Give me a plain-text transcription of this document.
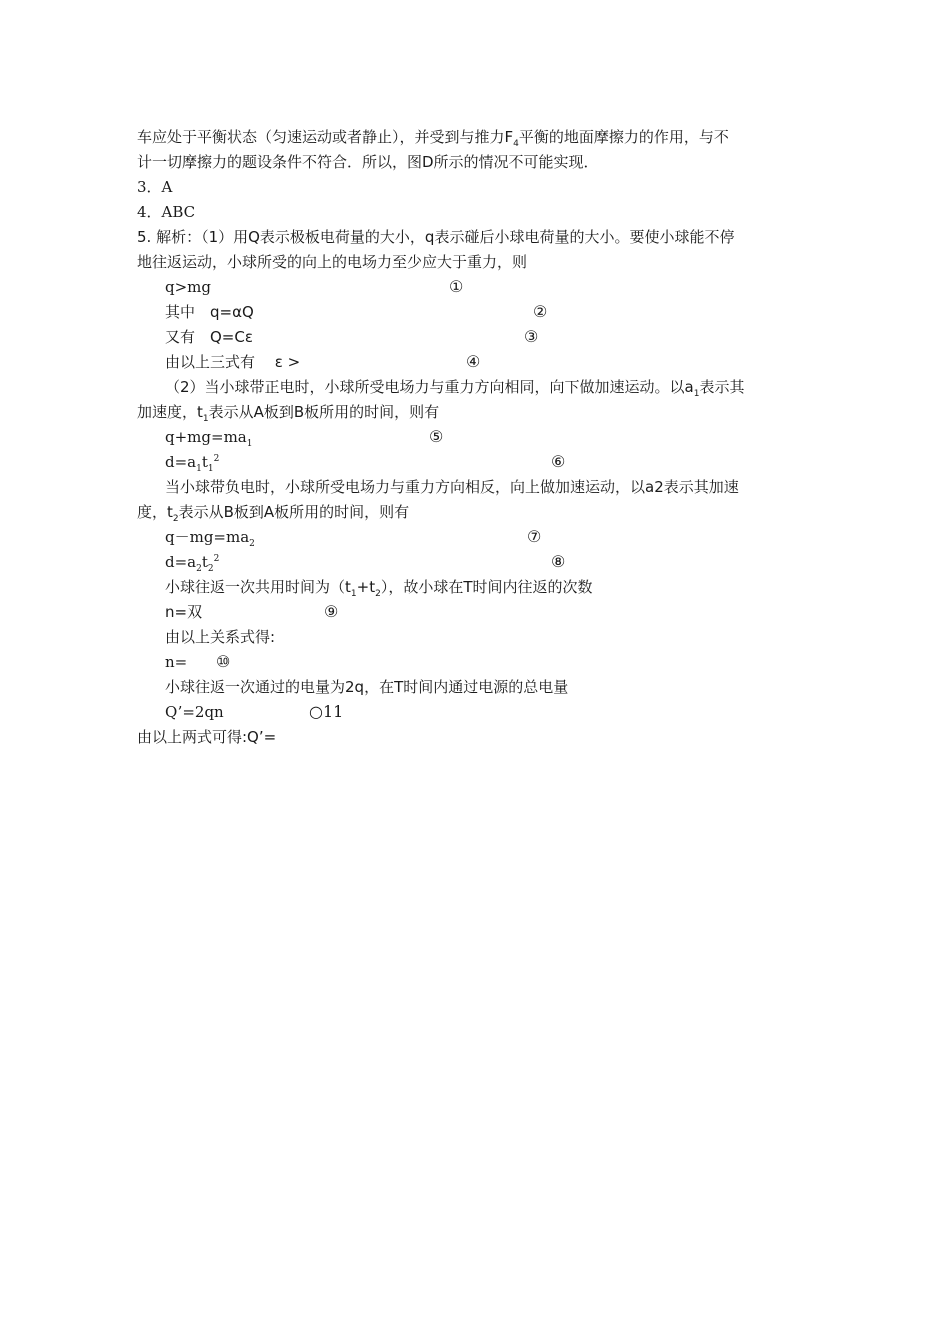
车应处于平衡状态（匀速运动或者静止），并受到与推力$F_4$平衡的地面摩擦力的作用，与不
计一切摩擦力的题设条件不符合．所以，图D所示的情况不可能实现．
3．A
4．ABC
5. 解析：（1）用Q表示极板电荷量的大小，q表示碰后小球电荷量的大小。要使小球能不停
地往返运动，小球所受的向上的电场力至少应大于重力，则
q>mg	①
其中　q=αQ	②
又有　Q=Cε	③
由以上三式有　 ε >	④
（2）当小球带正电时，小球所受电场力与重力方向相同，向下做加速运动。以$a_1$表示其
加速度，$t_1$表示从A板到B板所用的时间，则有
$q+mg=ma_1$	⑤
$d=a_1t_1^2$	⑥
当小球带负电时，小球所受电场力与重力方向相反，向上做加速运动，以a2表示其加速
度，$t_2$表示从B板到A板所用的时间，则有
$q-mg=ma_2$	⑦
$d=a_2t_2^2$	⑧
小球往返一次共用时间为$(t_1+t_2)$，故小球在T时间内往返的次数
n=双	⑨
由以上关系式得:
n= ⑩
小球往返一次通过的电量为2q，在T时间内通过电源的总电量
Q’=2qn	○11
由以上两式可得:Q’=
